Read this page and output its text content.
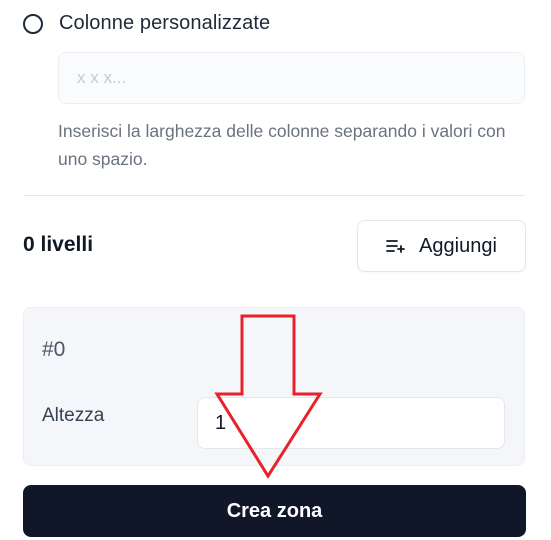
Colonne personalizzate
x x x...
Inserisci la larghezza delle colonne separando i valori con uno spazio.
0 livelli	Aggiungi
#0
Altezza
1
Crea zona
